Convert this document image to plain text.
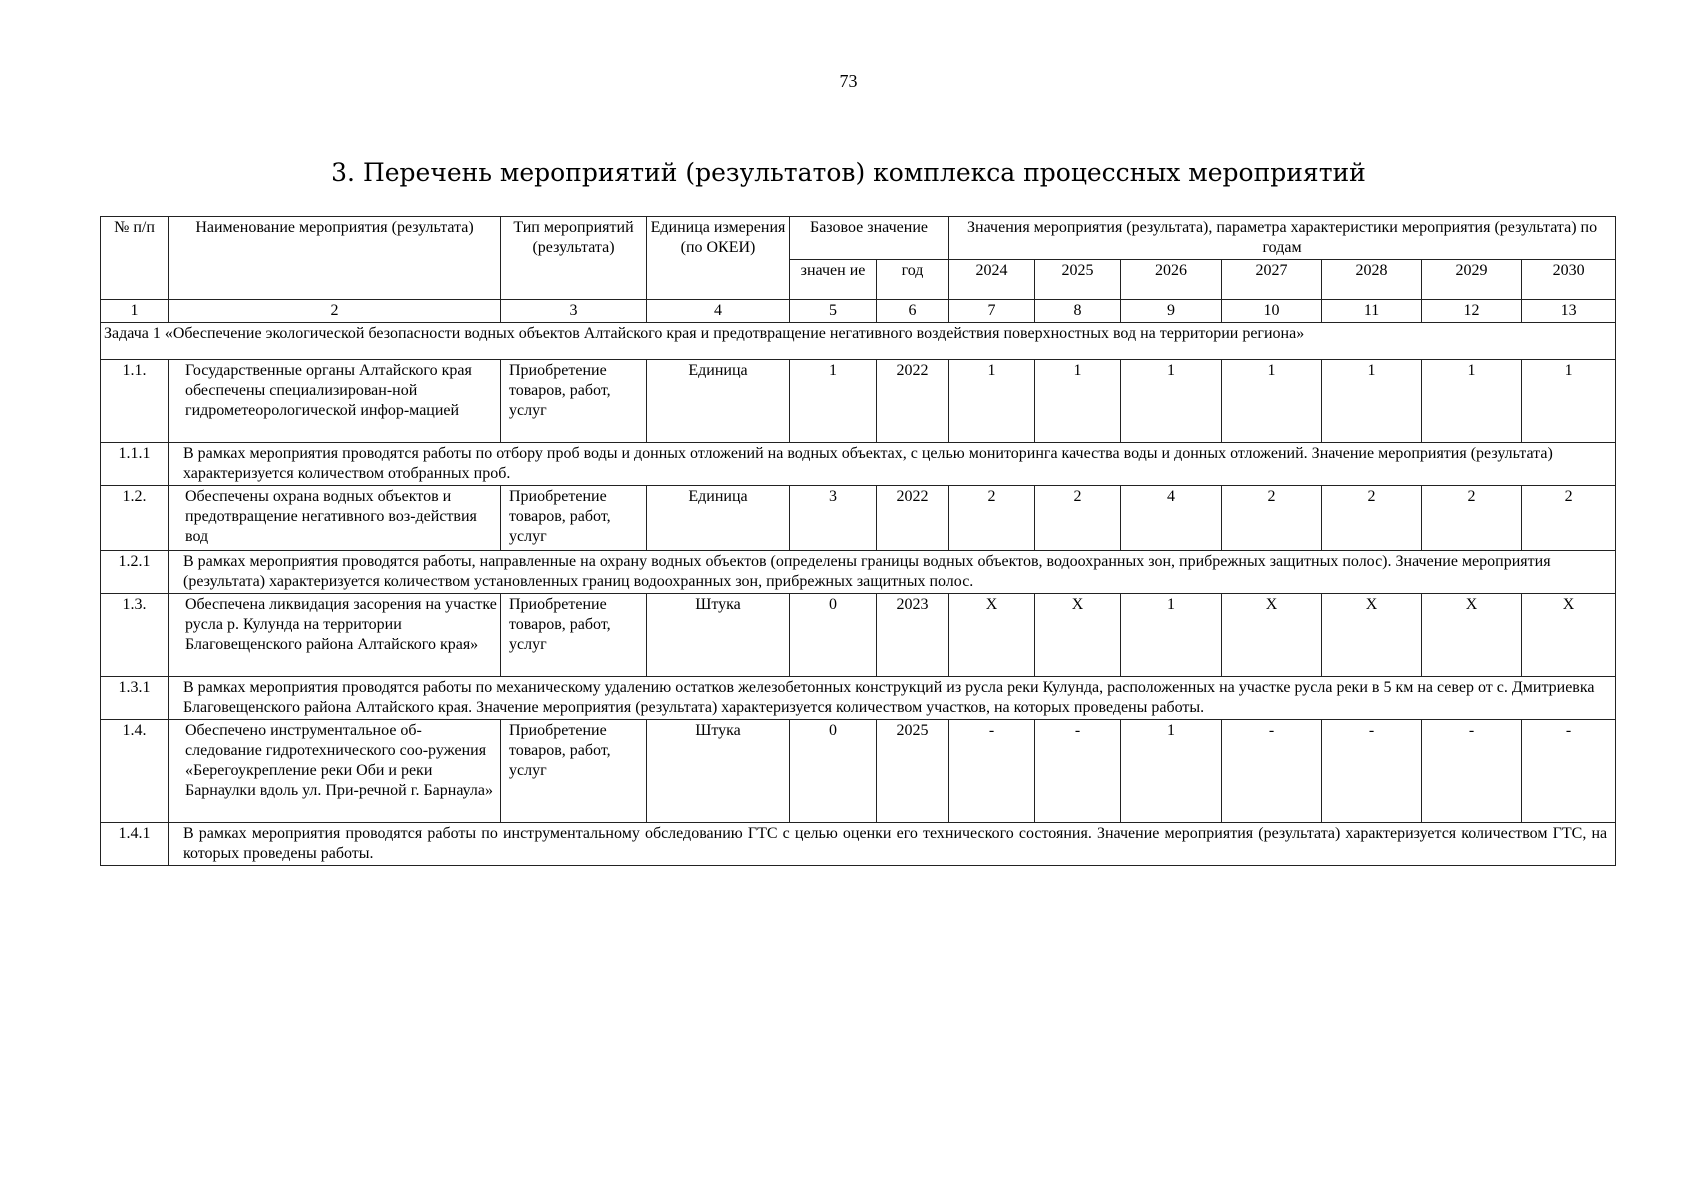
73
3. Перечень мероприятий (результатов) комплекса процессных мероприятий
№ п/п	Наименование мероприятия (результата)	Тип мероприятий (результата)	Единица измерения (по ОКЕИ)	Базовое значение		Значения мероприятия (результата), параметра характеристики мероприятия (результата) по годам						
				значен ие	год	2024	2025	2026	2027	2028	2029	2030
1	2	3	4	5	6	7	8	9	10	11	12	13
Задача 1 «Обеспечение экологической безопасности водных объектов Алтайского края и предотвращение негативного воздействия поверхностных вод на территории региона»												
1.1.	Государственные органы Алтайского края обеспечены специализирован-ной гидрометеорологической инфор-мацией	Приобретение товаров, работ, услуг	Единица	1	2022	1	1	1	1	1	1	1
1.1.1	В рамках мероприятия проводятся работы по отбору проб воды и донных отложений на водных объектах, с целью мониторинга качества воды и донных отложений. Значение мероприятия (результата) характеризуется количеством отобранных проб.											
1.2.	Обеспечены охрана водных объектов и предотвращение негативного воз-действия вод	Приобретение товаров, работ, услуг	Единица	3	2022	2	2	4	2	2	2	2
1.2.1	В рамках мероприятия проводятся работы, направленные на охрану водных объектов (определены границы водных объектов, водоохранных зон, прибрежных защитных полос). Значение мероприятия (результата) характеризуется количеством установленных границ водоохранных зон, прибрежных защитных полос.											
1.3.	Обеспечена ликвидация засорения на участке русла р. Кулунда на территории Благовещенского района Алтайского края»	Приобретение товаров, работ, услуг	Штука	0	2023	Х	Х	1	Х	Х	Х	Х
1.3.1	В рамках мероприятия проводятся работы по механическому удалению остатков железобетонных конструкций из русла реки Кулунда, расположенных на участке русла реки в 5 км на север от с. Дмитриевка Благовещенского района Алтайского края. Значение мероприятия (результата) характеризуется количеством участков, на которых проведены работы.											
1.4.	Обеспечено инструментальное об-следование гидротехнического соо-ружения «Берегоукрепление реки Оби и реки Барнаулки вдоль ул. При-речной г. Барнаула»	Приобретение товаров, работ, услуг	Штука	0	2025	-	-	1	-	-	-	-
1.4.1	В рамках мероприятия проводятся работы по инструментальному обследованию ГТС с целью оценки его технического состояния. Значение мероприятия (результата) характеризуется количеством ГТС, на которых проведены работы.											
